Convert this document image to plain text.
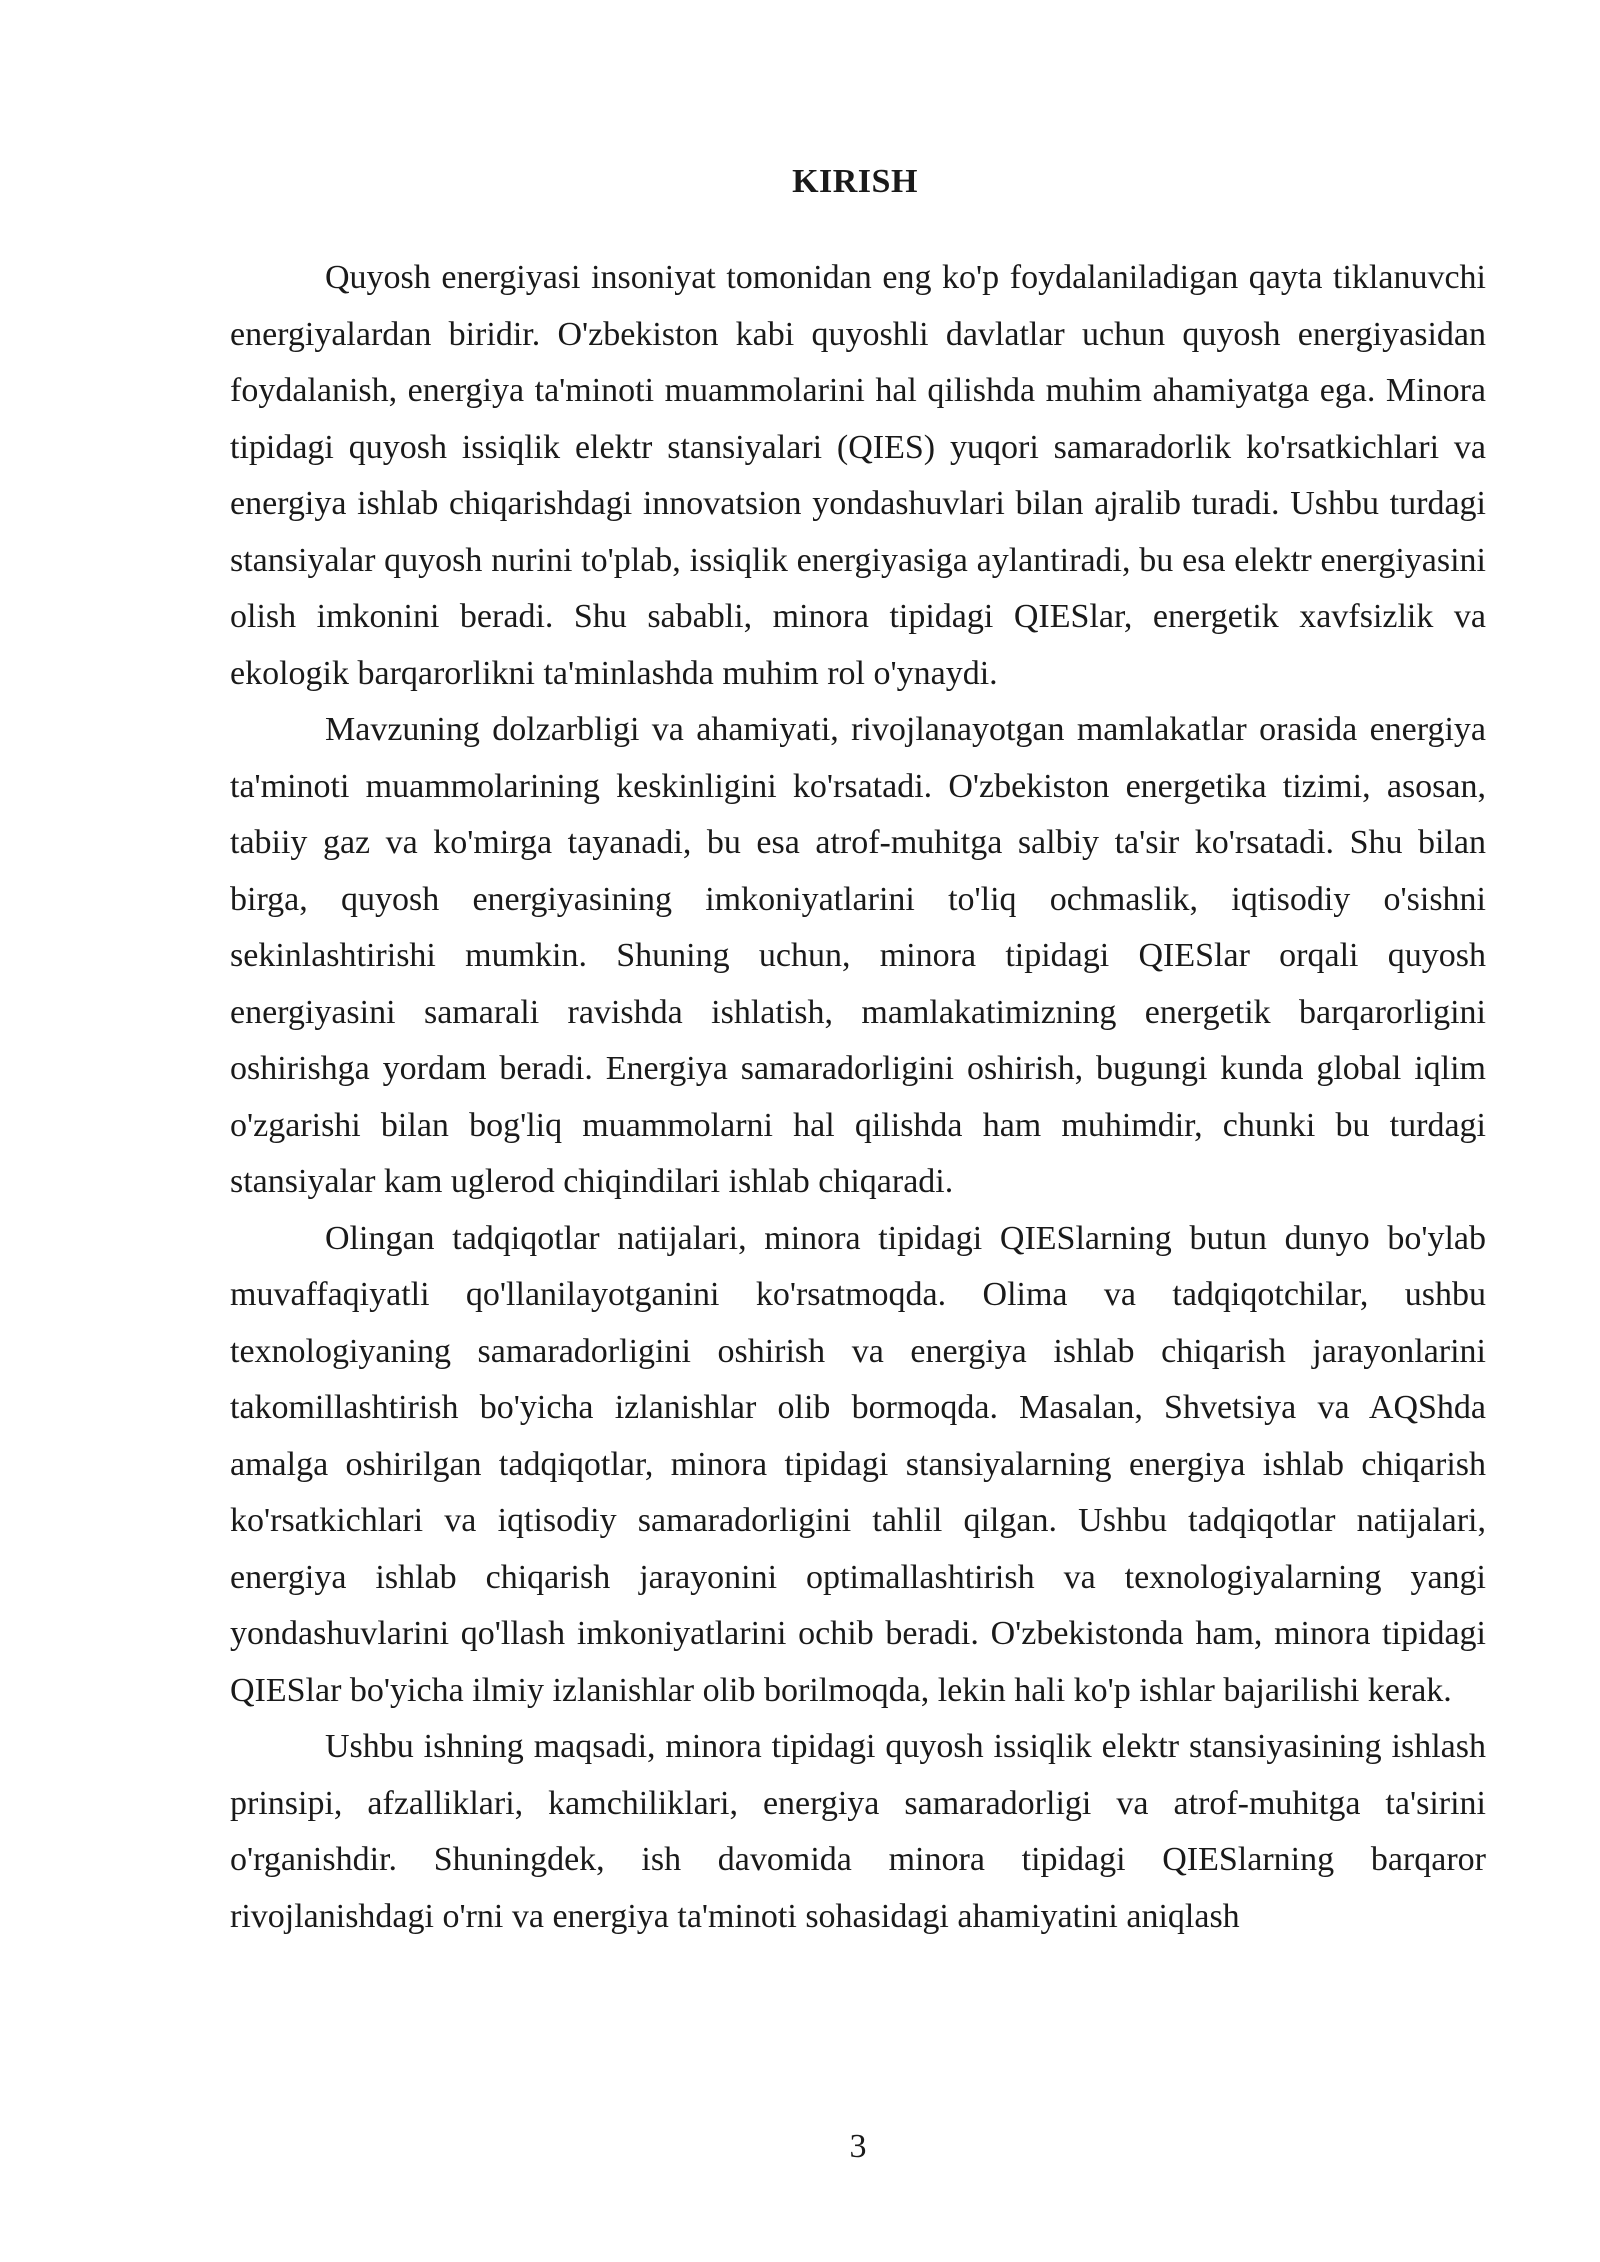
KIRISH

Quyosh energiyasi insoniyat tomonidan eng ko'p foydalaniladigan qayta tiklanuvchi energiyalardan biridir. O'zbekiston kabi quyoshli davlatlar uchun quyosh energiyasidan foydalanish, energiya ta'minoti muammolarini hal qilishda muhim ahamiyatga ega. Minora tipidagi quyosh issiqlik elektr stansiyalari (QIES) yuqori samaradorlik ko'rsatkichlari va energiya ishlab chiqarishdagi innovatsion yondashuvlari bilan ajralib turadi. Ushbu turdagi stansiyalar quyosh nurini to'plab, issiqlik energiyasiga aylantiradi, bu esa elektr energiyasini olish imkonini beradi. Shu sababli, minora tipidagi QIESlar, energetik xavfsizlik va ekologik barqarorlikni ta'minlashda muhim rol o'ynaydi.

Mavzuning dolzarbligi va ahamiyati, rivojlanayotgan mamlakatlar orasida energiya ta'minoti muammolarining keskinligini ko'rsatadi. O'zbekiston energetika tizimi, asosan, tabiiy gaz va ko'mirga tayanadi, bu esa atrof-muhitga salbiy ta'sir ko'rsatadi. Shu bilan birga, quyosh energiyasining imkoniyatlarini to'liq ochmaslik, iqtisodiy o'sishni sekinlashtirishi mumkin. Shuning uchun, minora tipidagi QIESlar orqali quyosh energiyasini samarali ravishda ishlatish, mamlakatimizning energetik barqarorligini oshirishga yordam beradi. Energiya samaradorligini oshirish, bugungi kunda global iqlim o'zgarishi bilan bog'liq muammolarni hal qilishda ham muhimdir, chunki bu turdagi stansiyalar kam uglerod chiqindilari ishlab chiqaradi.

Olingan tadqiqotlar natijalari, minora tipidagi QIESlarning butun dunyo bo'ylab muvaffaqiyatli qo'llanilayotganini ko'rsatmoqda. Olima va tadqiqotchilar, ushbu texnologiyaning samaradorligini oshirish va energiya ishlab chiqarish jarayonlarini takomillashtirish bo'yicha izlanishlar olib bormoqda. Masalan, Shvetsiya va AQShda amalga oshirilgan tadqiqotlar, minora tipidagi stansiyalarning energiya ishlab chiqarish ko'rsatkichlari va iqtisodiy samaradorligini tahlil qilgan. Ushbu tadqiqotlar natijalari, energiya ishlab chiqarish jarayonini optimallashtirish va texnologiyalarning yangi yondashuvlarini qo'llash imkoniyatlarini ochib beradi. O'zbekistonda ham, minora tipidagi QIESlar bo'yicha ilmiy izlanishlar olib borilmoqda, lekin hali ko'p ishlar bajarilishi kerak.

Ushbu ishning maqsadi, minora tipidagi quyosh issiqlik elektr stansiyasining ishlash prinsipi, afzalliklari, kamchiliklari, energiya samaradorligi va atrof-muhitga ta'sirini o'rganishdir. Shuningdek, ish davomida minora tipidagi QIESlarning barqaror rivojlanishdagi o'rni va energiya ta'minoti sohasidagi ahamiyatini aniqlash

3
